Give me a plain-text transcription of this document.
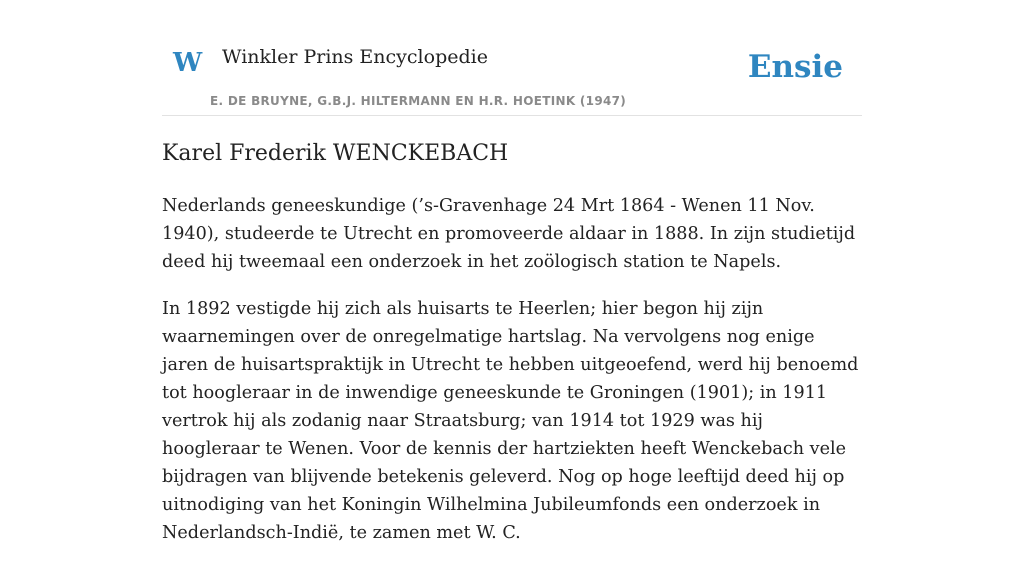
W Winkler Prins Encyclopedie
E. DE BRUYNE, G.B.J. HILTERMANN EN H.R. HOETINK (1947)
Ensie
Karel Frederik WENCKEBACH

Nederlands geneeskundige (’s-Gravenhage 24 Mrt 1864 - Wenen 11 Nov. 1940), studeerde te Utrecht en promoveerde aldaar in 1888. In zijn studietijd deed hij tweemaal een onderzoek in het zoölogisch station te Napels.

In 1892 vestigde hij zich als huisarts te Heerlen; hier begon hij zijn waarnemingen over de onregelmatige hartslag. Na vervolgens nog enige jaren de huisartspraktijk in Utrecht te hebben uitgeoefend, werd hij benoemd tot hoogleraar in de inwendige geneeskunde te Groningen (1901); in 1911 vertrok hij als zodanig naar Straatsburg; van 1914 tot 1929 was hij hoogleraar te Wenen. Voor de kennis der hartziekten heeft Wenckebach vele bijdragen van blijvende betekenis geleverd. Nog op hoge leeftijd deed hij op uitnodiging van het Koningin Wilhelmina Jubileumfonds een onderzoek in Nederlandsch-Indië, te zamen met W. C.
